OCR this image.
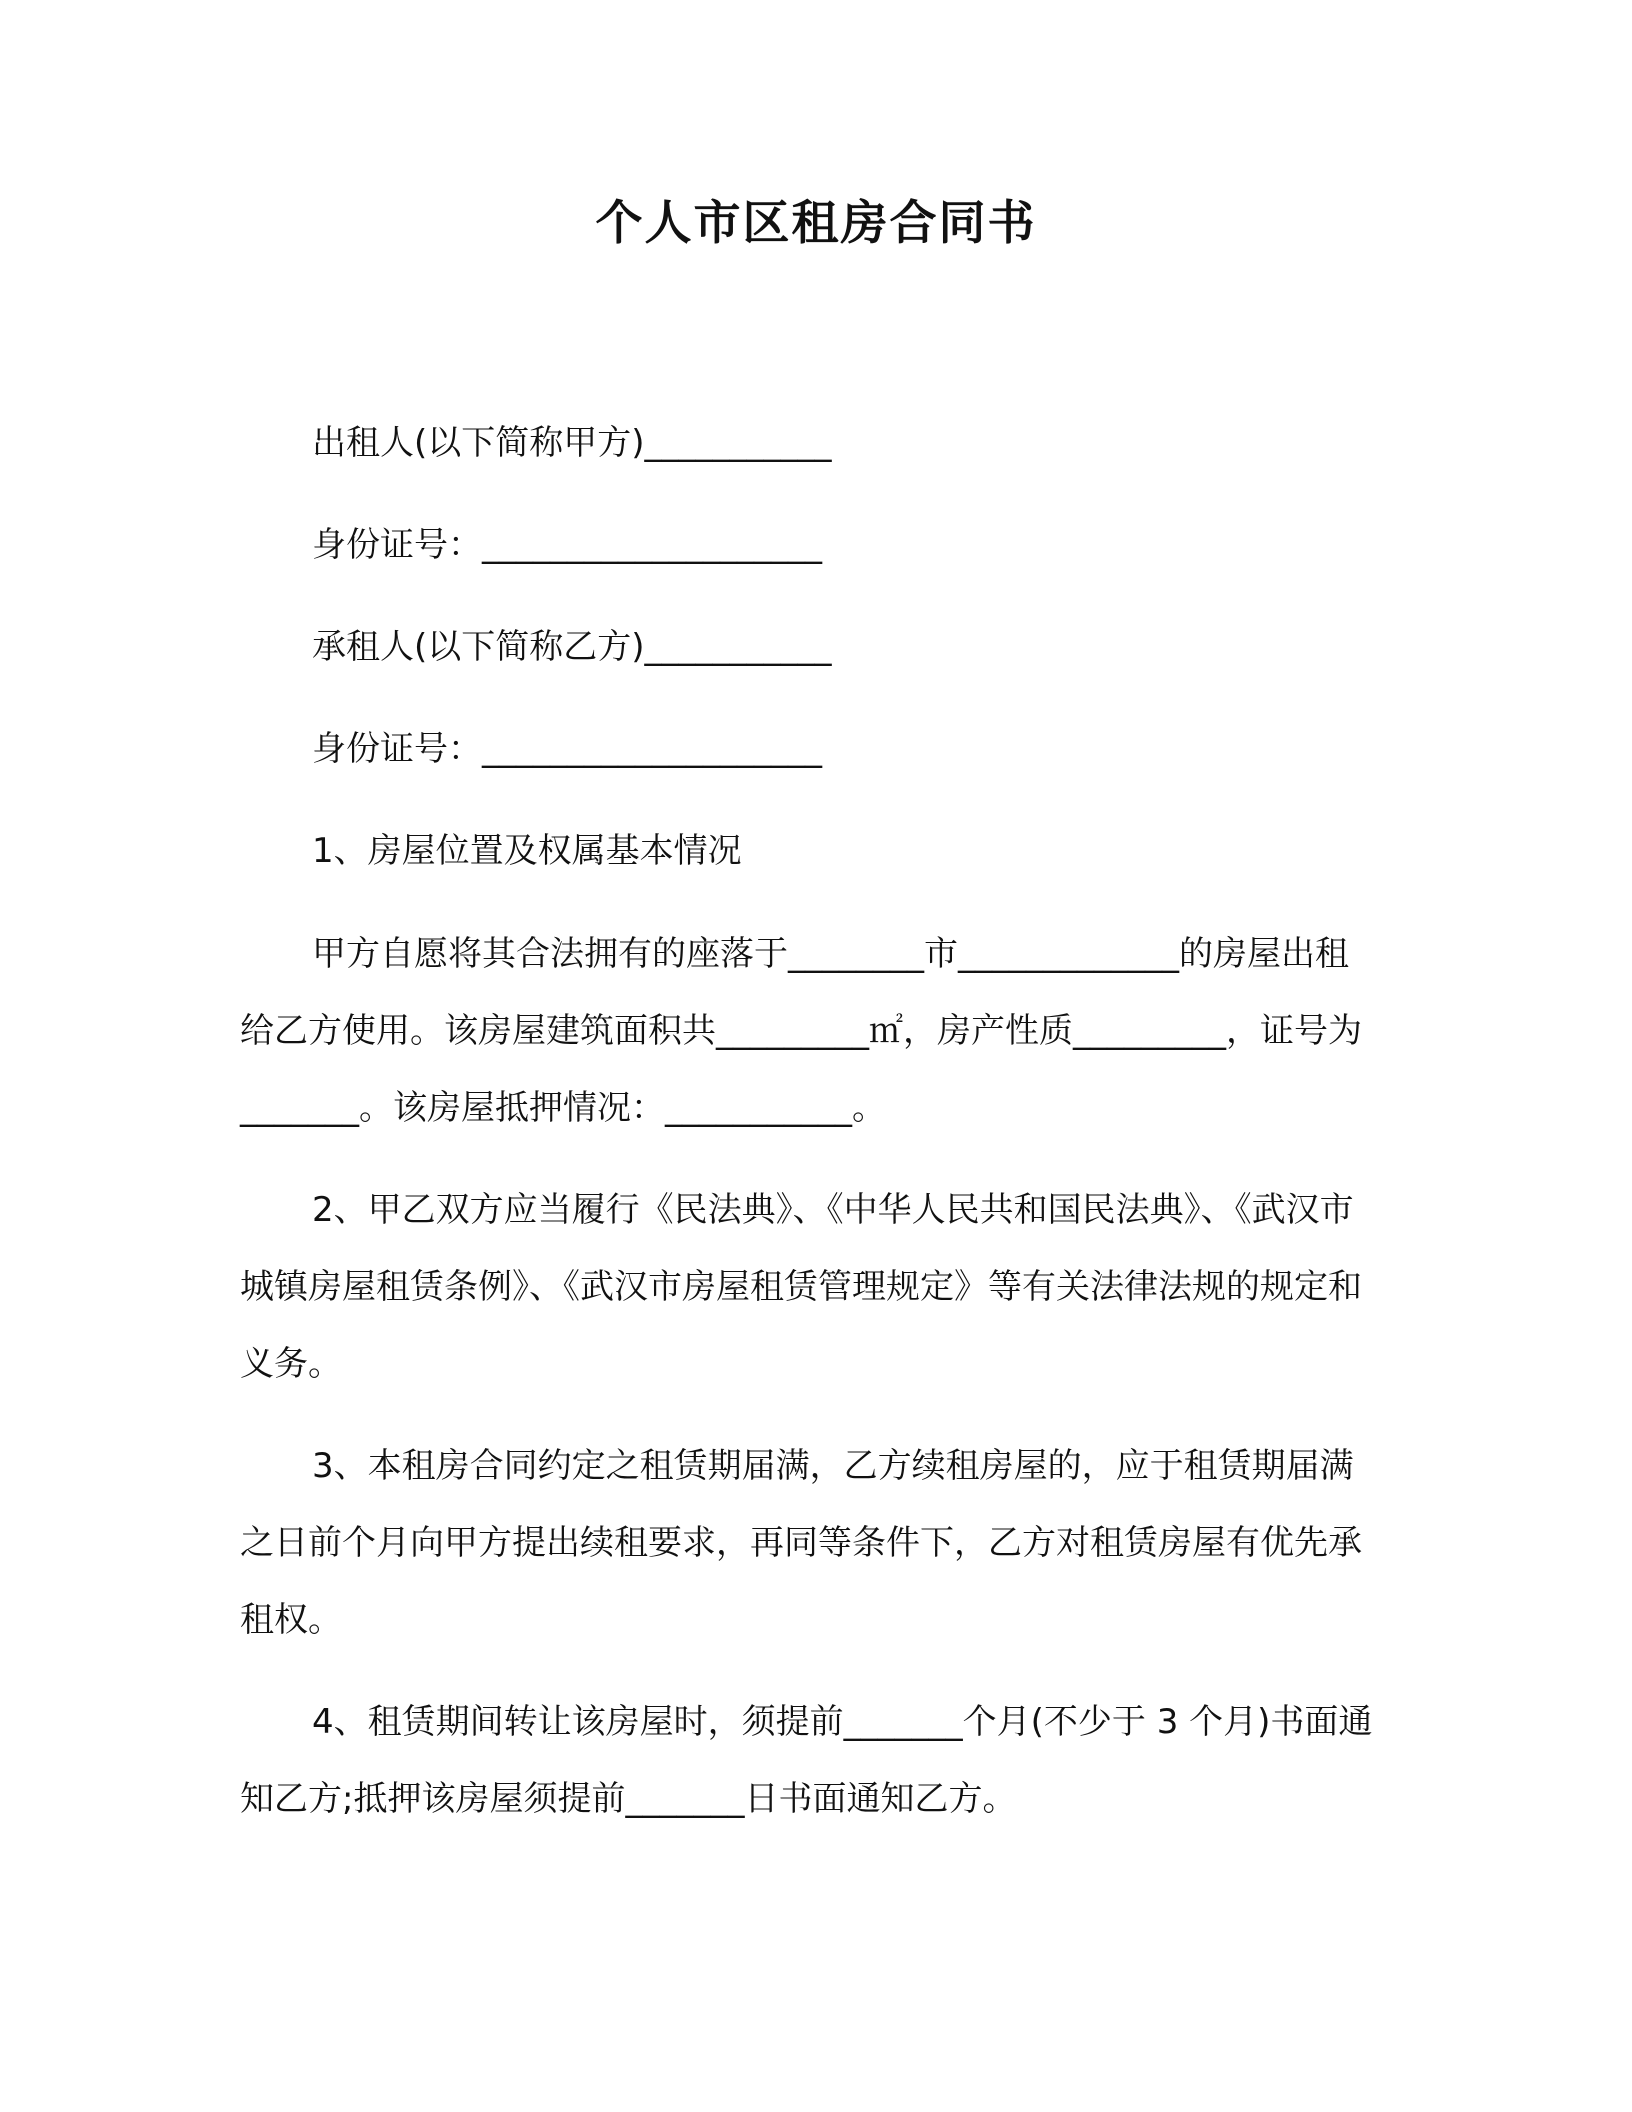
个人市区租房合同书
出租人(以下简称甲方)___________
身份证号：____________________
承租人(以下简称乙方)___________
身份证号：____________________
1、房屋位置及权属基本情况

甲方自愿将其合法拥有的座落于________市_____________的房屋出租给乙方使用。该房屋建筑面积共_________㎡，房产性质_________，证号为_______。该房屋抵押情况：___________。

2、甲乙双方应当履行《民法典》、《中华人民共和国民法典》、《武汉市城镇房屋租赁条例》、《武汉市房屋租赁管理规定》等有关法律法规的规定和义务。

3、本租房合同约定之租赁期届满，乙方续租房屋的，应于租赁期届满之日前个月向甲方提出续租要求，再同等条件下，乙方对租赁房屋有优先承租权。

4、租赁期间转让该房屋时，须提前_______个月(不少于 3 个月)书面通知乙方;抵押该房屋须提前_______日书面通知乙方。
